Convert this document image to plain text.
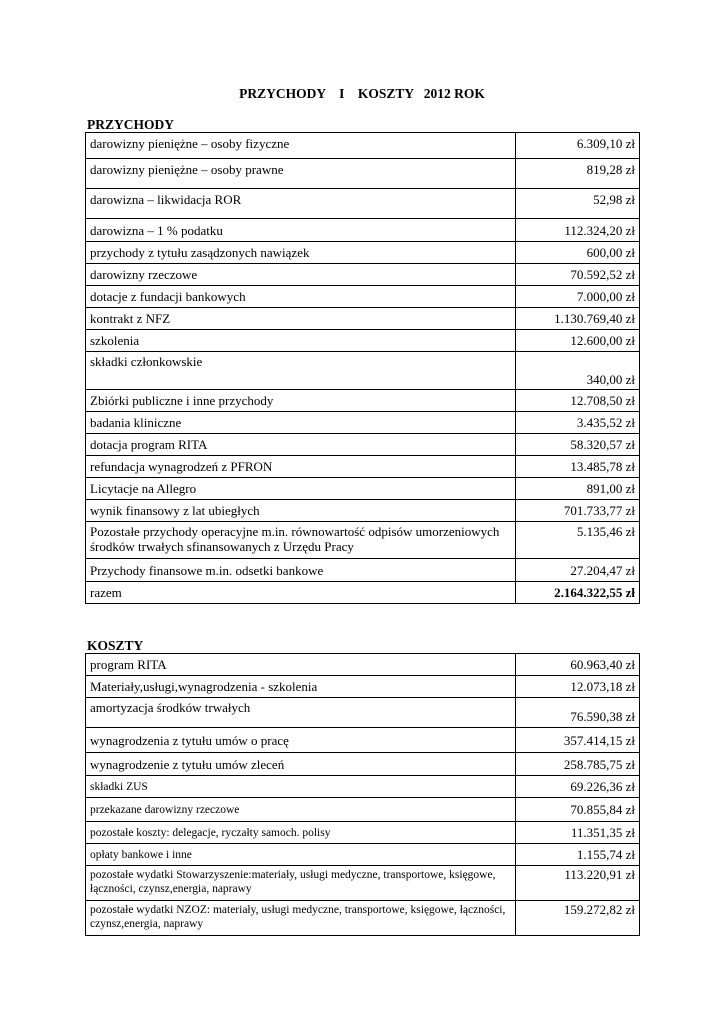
PRZYCHODY    I    KOSZTY   2012 ROK
PRZYCHODY
darowizny pieniężne – osoby fizyczne	6.309,10 zł
darowizny pieniężne – osoby prawne	819,28 zł
darowizna – likwidacja ROR	52,98 zł
darowizna – 1 % podatku	112.324,20 zł
przychody z tytułu zasądzonych nawiązek	600,00 zł
darowizny rzeczowe	70.592,52 zł
dotacje z fundacji bankowych	7.000,00 zł
kontrakt z NFZ	1.130.769,40 zł
szkolenia	12.600,00 zł
składki członkowskie	340,00 zł
Zbiórki publiczne i inne przychody	12.708,50 zł
badania kliniczne	3.435,52 zł
dotacja program RITA	58.320,57 zł
refundacja wynagrodzeń z PFRON	13.485,78 zł
Licytacje na Allegro	891,00 zł
wynik finansowy z lat ubiegłych	701.733,77 zł
Pozostałe przychody operacyjne m.in. równowartość odpisów umorzeniowych środków trwałych sfinansowanych z Urzędu Pracy	5.135,46 zł
Przychody finansowe m.in. odsetki bankowe	27.204,47 zł
razem	2.164.322,55 zł
KOSZTY
program RITA	60.963,40 zł
Materiały,usługi,wynagrodzenia - szkolenia	12.073,18 zł
amortyzacja środków trwałych	76.590,38 zł
wynagrodzenia z tytułu umów o pracę	357.414,15 zł
wynagrodzenie z tytułu umów zleceń	258.785,75 zł
składki ZUS	69.226,36 zł
przekazane darowizny rzeczowe	70.855,84 zł
pozostałe koszty: delegacje, ryczałty samoch. polisy	11.351,35 zł
opłaty bankowe i inne	1.155,74 zł
pozostałe wydatki Stowarzyszenie:materiały, usługi medyczne, transportowe, księgowe, łączności, czynsz,energia, naprawy	113.220,91 zł
pozostałe wydatki NZOZ: materiały, usługi medyczne, transportowe, księgowe, łączności, czynsz,energia, naprawy	159.272,82 zł
